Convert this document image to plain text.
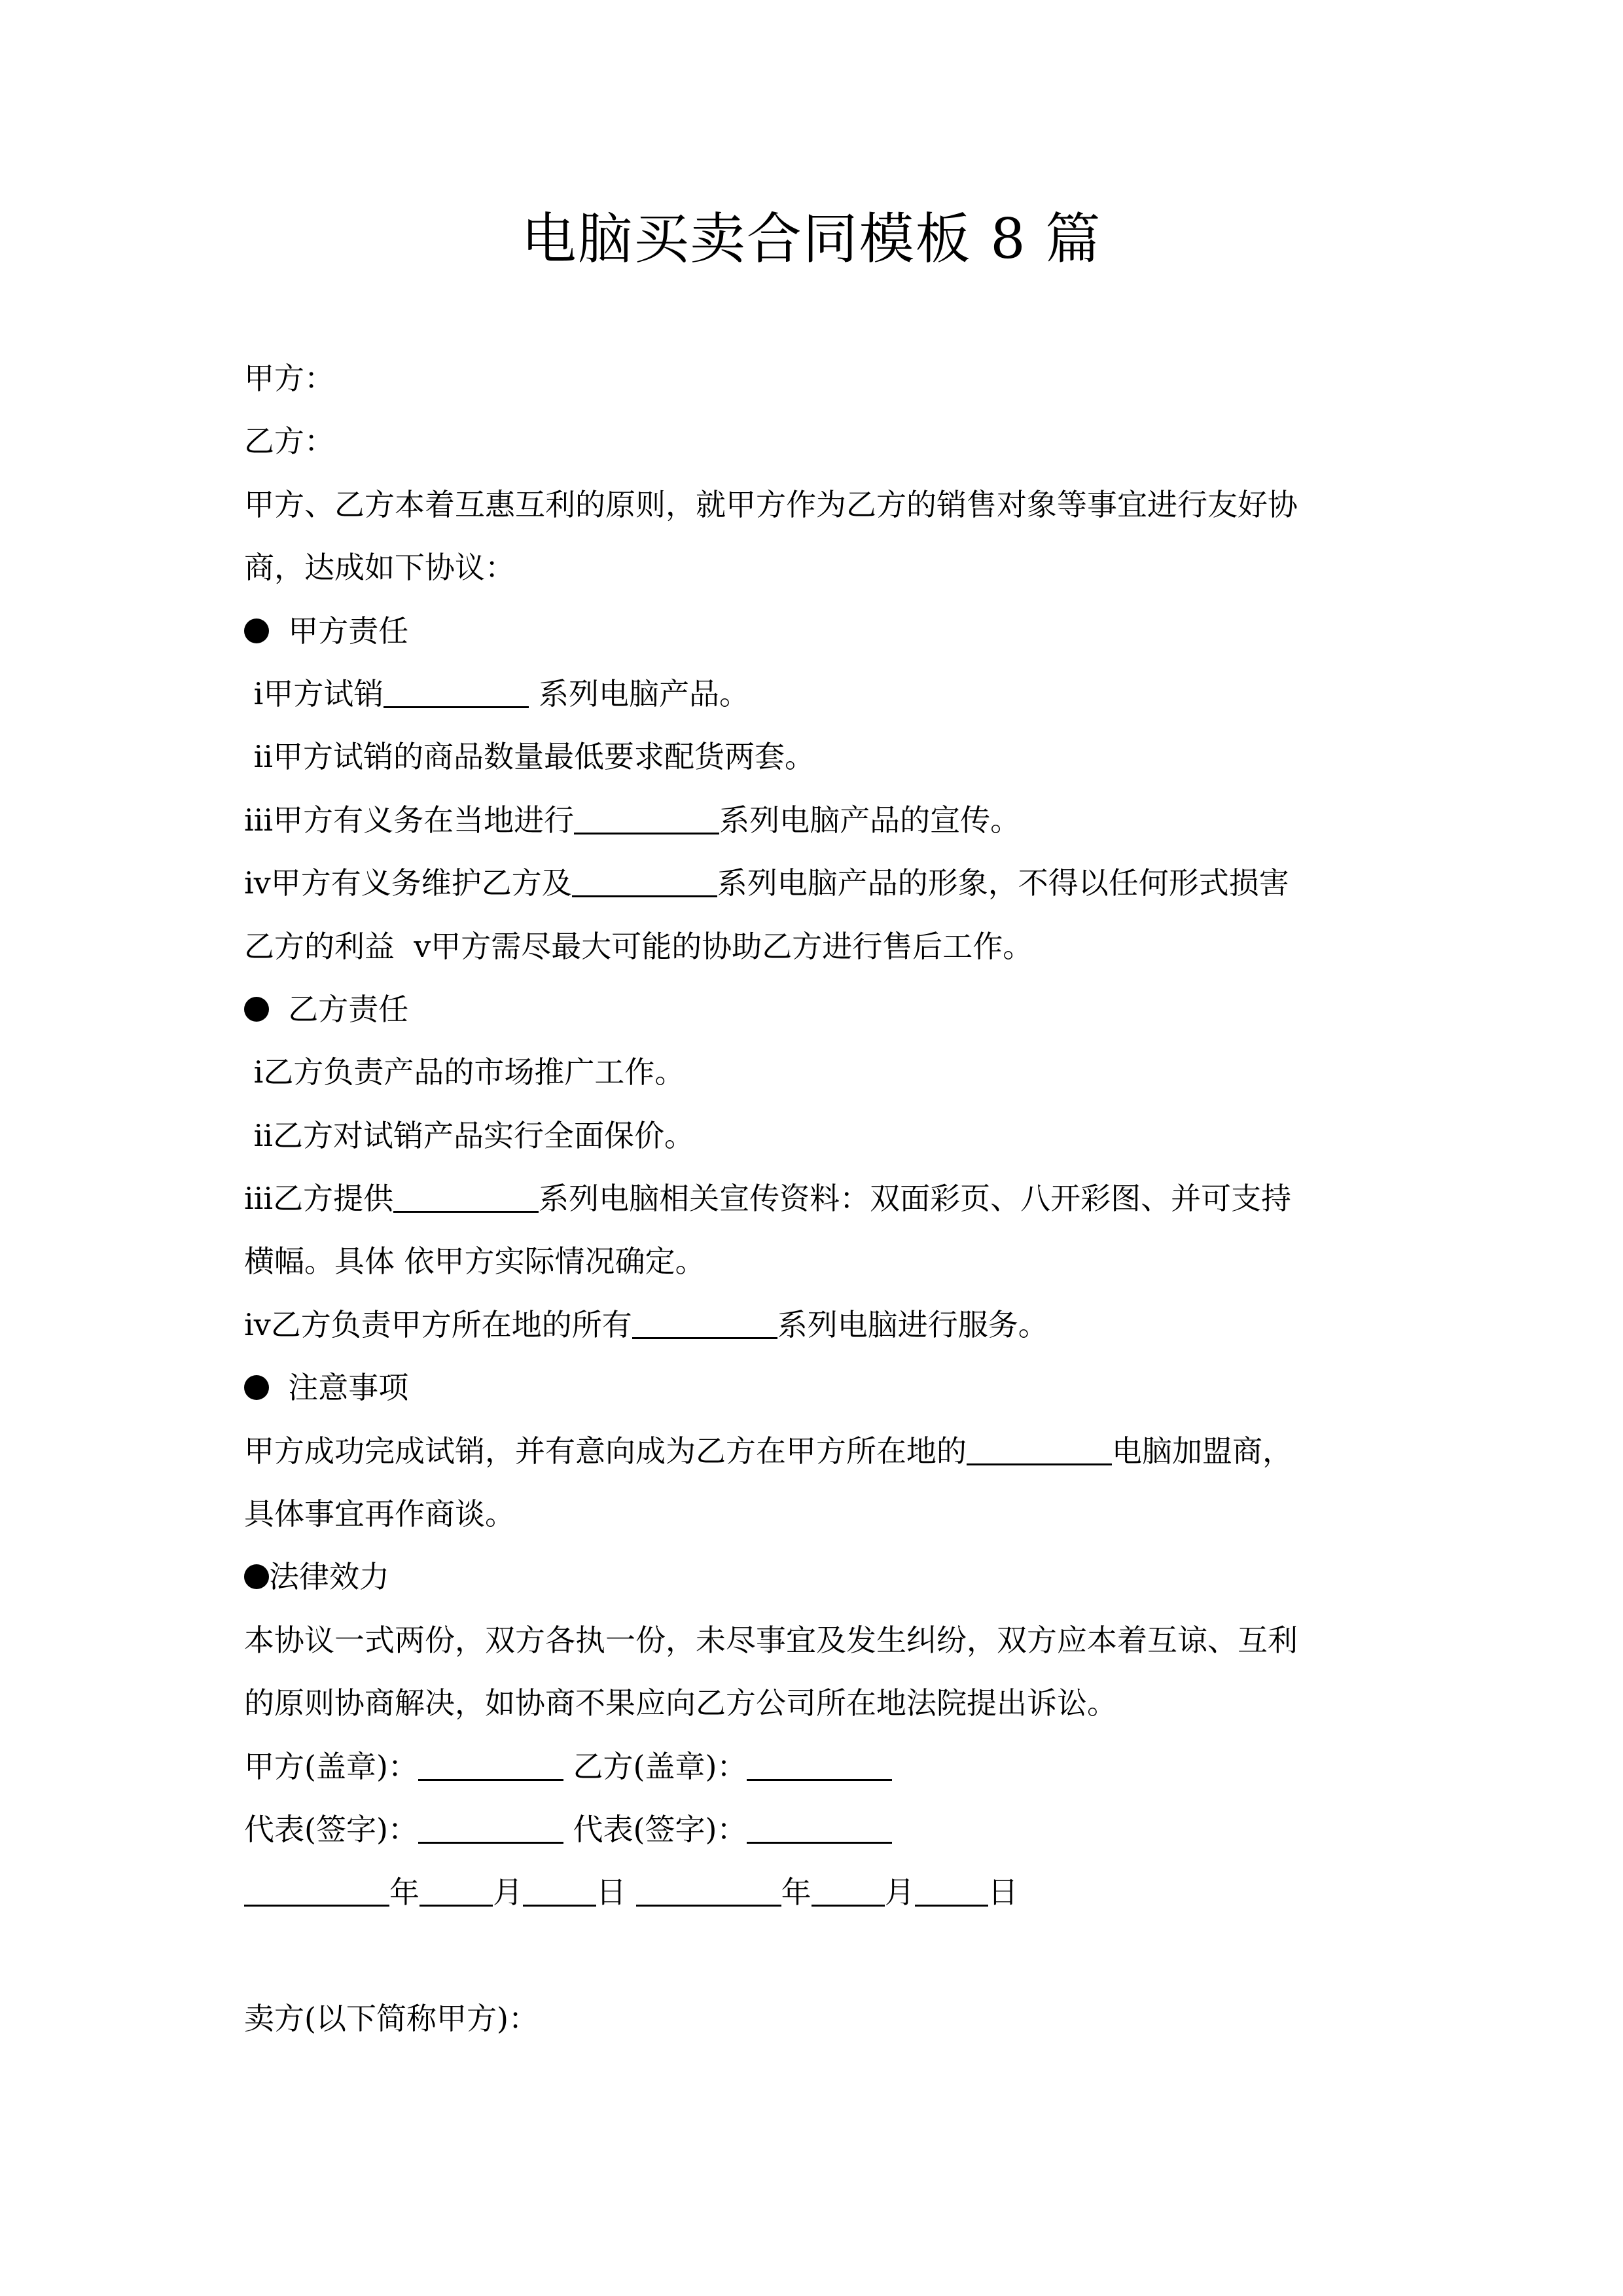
电脑买卖合同模板 8 篇
甲方：
乙方：
甲方、乙方本着互惠互利的原则，就甲方作为乙方的销售对象等事宜进行友好协
商，达成如下协议：
甲方责任
ⅰ甲方试销	系列电脑产品。
ⅱ甲方试销的商品数量最低要求配货两套。
ⅲ甲方有义务在当地进行	系列电脑产品的宣传。
ⅳ甲方有义务维护乙方及	系列电脑产品的形象，不得以任何形式损害
乙方的利益  ⅴ甲方需尽最大可能的协助乙方进行售后工作。
乙方责任
ⅰ乙方负责产品的市场推广工作。
ⅱ乙方对试销产品实行全面保价。
ⅲ乙方提供	系列电脑相关宣传资料：双面彩页、八开彩图、并可支持
横幅。具体 依甲方实际情况确定。
ⅳ乙方负责甲方所在地的所有	系列电脑进行服务。
注意事项
甲方成功完成试销，并有意向成为乙方在甲方所在地的	电脑加盟商，
具体事宜再作商谈。
法律效力
本协议一式两份，双方各执一份，未尽事宜及发生纠纷，双方应本着互谅、互利
的原则协商解决，如协商不果应向乙方公司所在地法院提出诉讼。
甲方(盖章)：	乙方(盖章)：
代表(签字)：	代表(签字)：
年 月 日	年 月 日
卖方(以下简称甲方)：
